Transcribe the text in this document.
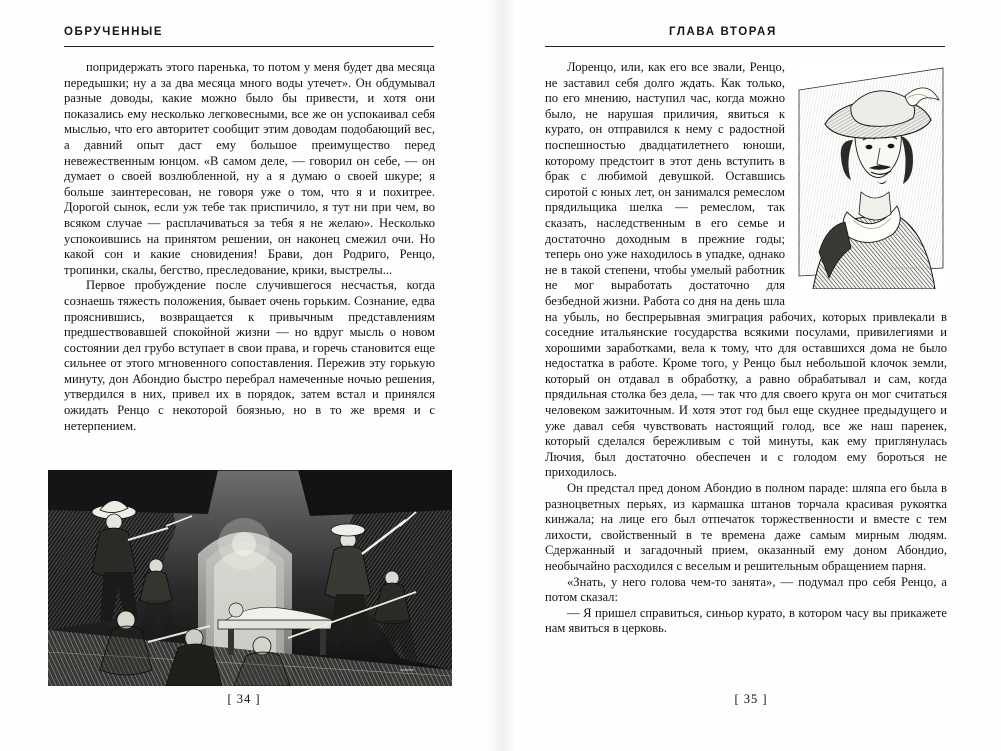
ОБРУЧЕННЫЕ

попридержать этого паренька, то потом у меня будет два месяца передышки; ну а за два месяца много воды утечет». Он обдумывал разные доводы, какие можно было бы привести, и хотя они показались ему несколько легковесными, все же он успокаивал себя мыслью, что его авторитет сообщит этим доводам подобающий вес, а давний опыт даст ему большое преимущество перед невежественным юнцом. «В самом деле, — говорил он себе, — он думает о своей возлюбленной, ну а я думаю о своей шкуре; я больше заинтересован, не говоря уже о том, что я и похитрее. Дорогой сынок, если уж тебе так приспичило, я тут ни при чем, во всяком случае — расплачиваться за тебя я не желаю». Несколько успокоившись на принятом решении, он наконец смежил очи. Но какой сон и какие сновидения! Брави, дон Родриго, Ренцо, тропинки, скалы, бегство, преследование, крики, выстрелы...

Первое пробуждение после случившегося несчастья, когда сознаешь тяжесть положения, бывает очень горьким. Сознание, едва прояснившись, возвращается к привычным представлениям предшествовавшей спокойной жизни — но вдруг мысль о новом состоянии дел грубо вступает в свои права, и горечь становится еще сильнее от этого мгновенного сопоставления. Пережив эту горькую минуту, дон Абондио быстро перебрал намеченные ночью решения, утвердился в них, привел их в порядок, затем встал и принялся ожидать Ренцо с некоторой боязнью, но в то же время и с нетерпением.

[ 34 ]
ГЛАВА ВТОРАЯ

Лоренцо, или, как его все звали, Ренцо, не заставил себя долго ждать. Как только, по его мнению, наступил час, когда можно было, не нарушая приличия, явиться к курато, он отправился к нему с радостной поспешностью двадцатилетнего юноши, которому предстоит в этот день вступить в брак с любимой девушкой. Оставшись сиротой с юных лет, он занимался ремеслом прядильщика шелка — ремеслом, так сказать, наследственным в его семье и достаточно доходным в прежние годы; теперь оно уже находилось в упадке, однако не в такой степени, чтобы умелый работник не мог выработать достаточно для безбедной жизни. Работа со дня на день шла на убыль, но беспрерывная эмиграция рабочих, которых привлекали в соседние итальянские государства всякими посулами, привилегиями и хорошими заработками, вела к тому, что для оставшихся дома не было недостатка в работе. Кроме того, у Ренцо был небольшой клочок земли, который он отдавал в обработку, а равно обрабатывал и сам, когда прядильная столка без дела, — так что для своего круга он мог считаться человеком зажиточным. И хотя этот год был еще скуднее предыдущего и уже давал себя чувствовать настоящий голод, все же наш паренек, который сделался бережливым с той минуты, как ему приглянулась Лючия, был достаточно обеспечен и с голодом ему бороться не приходилось.

Он предстал пред доном Абондио в полном параде: шляпа его была в разноцветных перьях, из кармашка штанов торчала красивая рукоятка кинжала; на лице его был отпечаток торжественности и вместе с тем лихости, свойственный в те времена даже самым мирным людям. Сдержанный и загадочный прием, оказанный ему доном Абондио, необычайно расходился с веселым и решительным обращением парня.

«Знать, у него голова чем-то занята», — подумал про себя Ренцо, а потом сказал:

— Я пришел справиться, синьор курато, в котором часу вы прикажете нам явиться в церковь.

[ 35 ]
